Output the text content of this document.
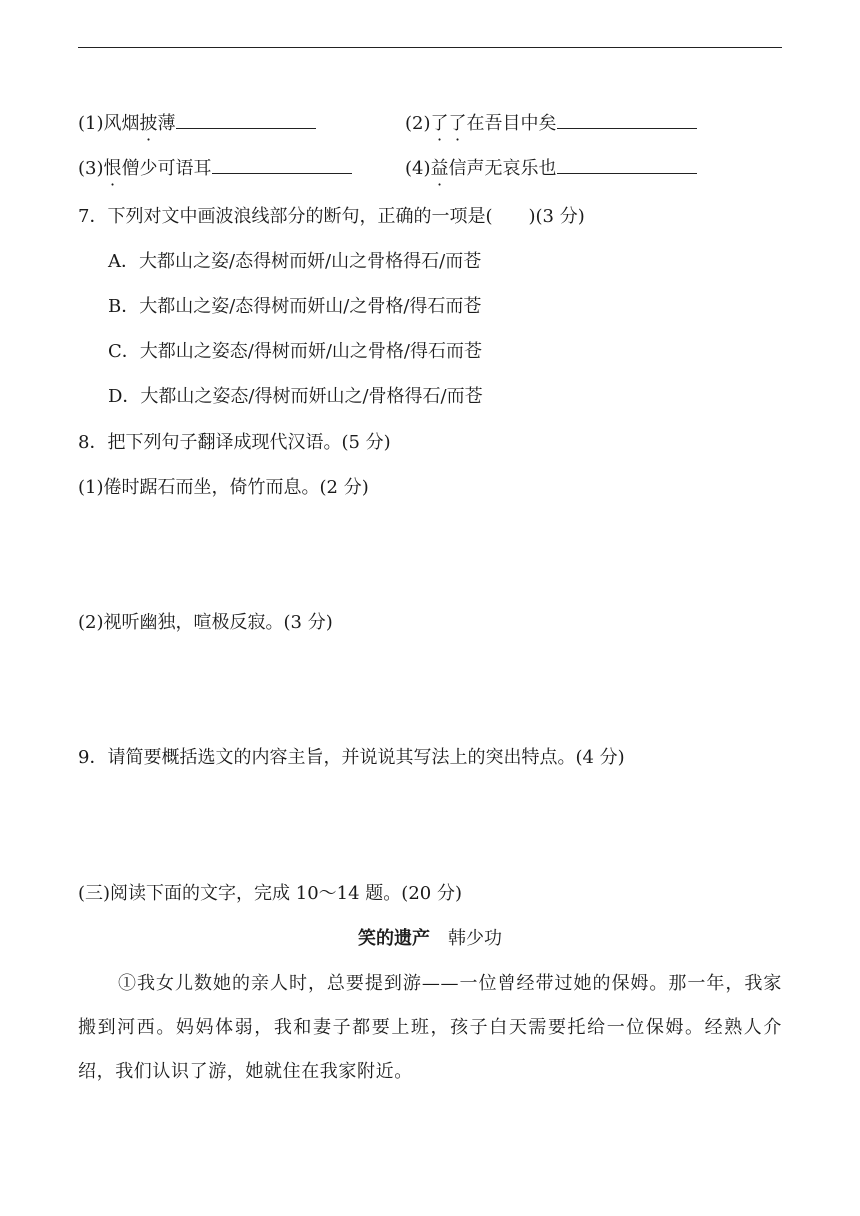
(1)风烟披薄	(2)了了在吾目中矣
(3)恨僧少可语耳	(4)益信声无哀乐也
7．下列对文中画波浪线部分的断句，正确的一项是(　　)(3 分)
A．大都山之姿/态得树而妍/山之骨格得石/而苍
B．大都山之姿/态得树而妍山/之骨格/得石而苍
C．大都山之姿态/得树而妍/山之骨格/得石而苍
D．大都山之姿态/得树而妍山之/骨格得石/而苍
8．把下列句子翻译成现代汉语。(5 分)
(1)倦时踞石而坐，倚竹而息。(2 分)
(2)视听幽独，喧极反寂。(3 分)
9．请简要概括选文的内容主旨，并说说其写法上的突出特点。(4 分)
(三)阅读下面的文字，完成 10～14 题。(20 分)
笑的遗产 韩少功
①我女儿数她的亲人时，总要提到游——一位曾经带过她的保姆。那一年，我家搬到河西。妈妈体弱，我和妻子都要上班，孩子白天需要托给一位保姆。经熟人介绍，我们认识了游，她就住在我家附近。
